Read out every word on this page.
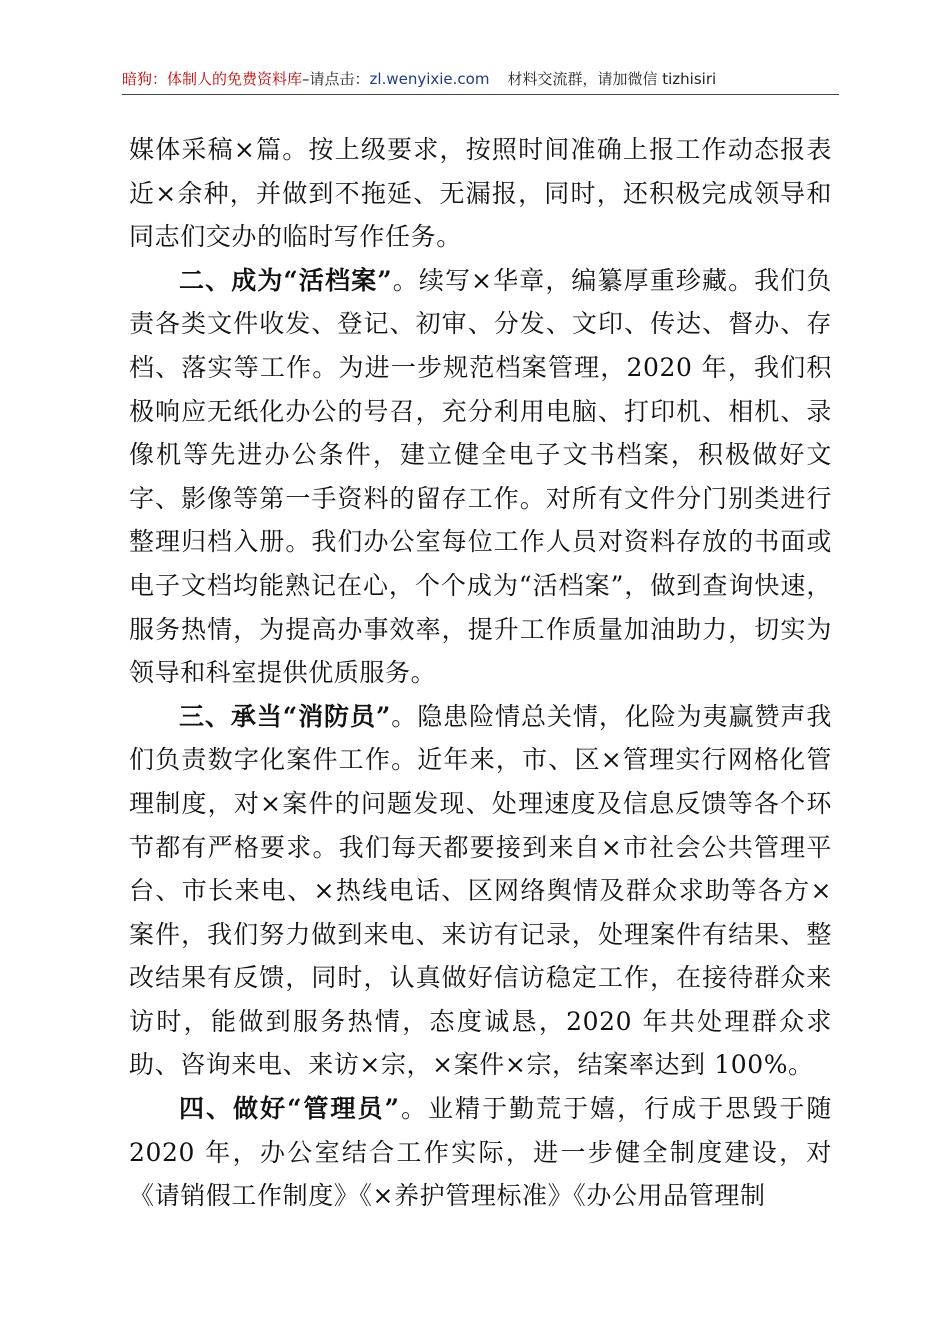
暗狗：体制人的免费资料库–请点击：zl.wenyixie.com 材料交流群，请加微信 tizhisiri

媒体采稿×篇。按上级要求，按照时间准确上报工作动态报表近×余种，并做到不拖延、无漏报，同时，还积极完成领导和同志们交办的临时写作任务。

二、成为“活档案”。续写×华章，编纂厚重珍藏。我们负责各类文件收发、登记、初审、分发、文印、传达、督办、存档、落实等工作。为进一步规范档案管理，2020 年，我们积极响应无纸化办公的号召，充分利用电脑、打印机、相机、录像机等先进办公条件，建立健全电子文书档案，积极做好文字、影像等第一手资料的留存工作。对所有文件分门别类进行整理归档入册。我们办公室每位工作人员对资料存放的书面或电子文档均能熟记在心，个个成为“活档案”，做到查询快速，服务热情，为提高办事效率，提升工作质量加油助力，切实为领导和科室提供优质服务。

三、承当“消防员”。隐患险情总关情，化险为夷赢赞声我们负责数字化案件工作。近年来，市、区×管理实行网格化管理制度，对×案件的问题发现、处理速度及信息反馈等各个环节都有严格要求。我们每天都要接到来自×市社会公共管理平台、市长来电、×热线电话、区网络舆情及群众求助等各方×案件，我们努力做到来电、来访有记录，处理案件有结果、整改结果有反馈，同时，认真做好信访稳定工作，在接待群众来访时，能做到服务热情，态度诚恳，2020 年共处理群众求助、咨询来电、来访×宗，×案件×宗，结案率达到 100%。

四、做好“管理员”。业精于勤荒于嬉，行成于思毁于随2020 年，办公室结合工作实际，进一步健全制度建设，对《请销假工作制度》《×养护管理标准》《办公用品管理制
